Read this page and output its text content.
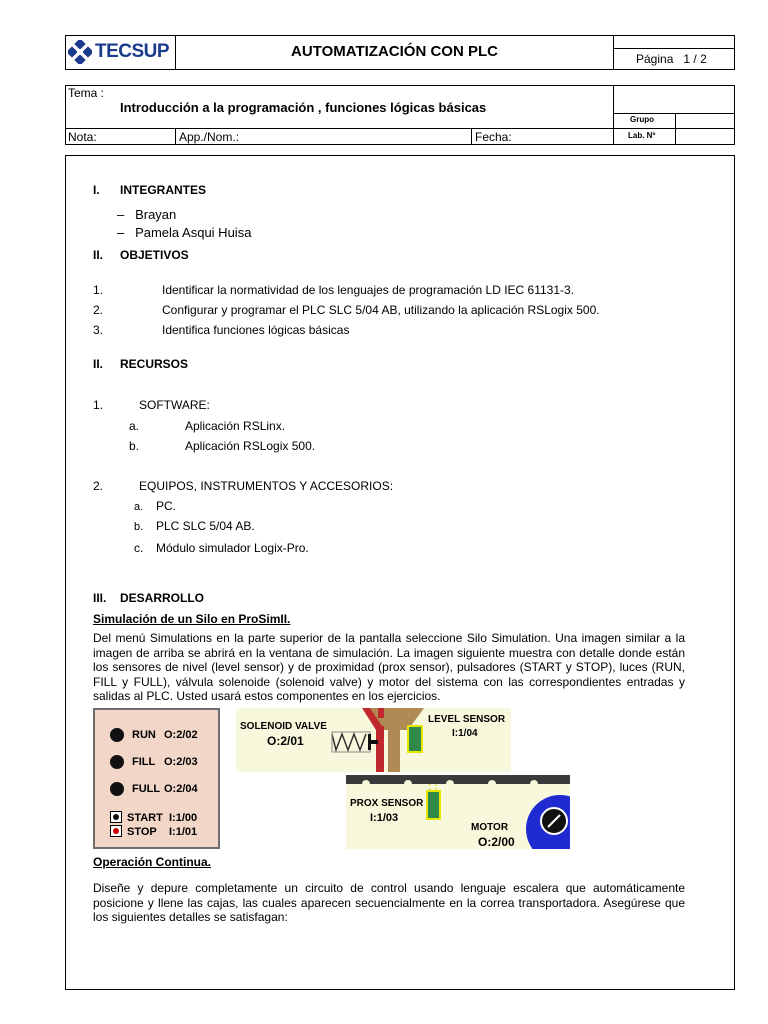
TECSUP	AUTOMATIZACIÓN CON PLC	Página 1 / 2
Tema :
Introducción a la programación , funciones lógicas básicas
Grupo
Nota:	App./Nom.:	Fecha:	Lab. Nº
I. INTEGRANTES
–   Brayan
–   Pamela Asqui Huisa
II. OBJETIVOS
1.	Identificar la normatividad de los lenguajes de programación LD IEC 61131-3.
2.	Configurar y programar el PLC SLC 5/04 AB, utilizando la aplicación RSLogix 500.
3.	Identifica funciones lógicas básicas
II. RECURSOS
1.	SOFTWARE:
a.	Aplicación RSLinx.
b.	Aplicación RSLogix 500.
2.	EQUIPOS, INSTRUMENTOS Y ACCESORIOS:
a. PC.
b. PLC SLC 5/04 AB.
c. Módulo simulador Logix-Pro.
III. DESARROLLO
Simulación de un Silo en ProSimII.
Del menú Simulations en la parte superior de la pantalla seleccione Silo Simulation. Una imagen similar a la imagen de arriba se abrirá en la ventana de simulación. La imagen siguiente muestra con detalle donde están los sensores de nivel (level sensor) y de proximidad (prox sensor), pulsadores (START y STOP), luces (RUN, FILL y FULL), válvula solenoide (solenoid valve) y motor del sistema con las correspondientes entradas y salidas al PLC. Usted usará estos componentes en los ejercicios.
RUN O:2/02
FILL O:2/03
FULL O:2/04
START I:1/00
STOP I:1/01
SOLENOID VALVE
O:2/01
LEVEL SENSOR
I:1/04
PROX SENSOR
I:1/03
MOTOR
O:2/00
Operación Continua.
Diseñe y depure completamente un circuito de control usando lenguaje escalera que automáticamente posicione y llene las cajas, las cuales aparecen secuencialmente en la correa transportadora. Asegúrese que los siguientes detalles se satisfagan:
